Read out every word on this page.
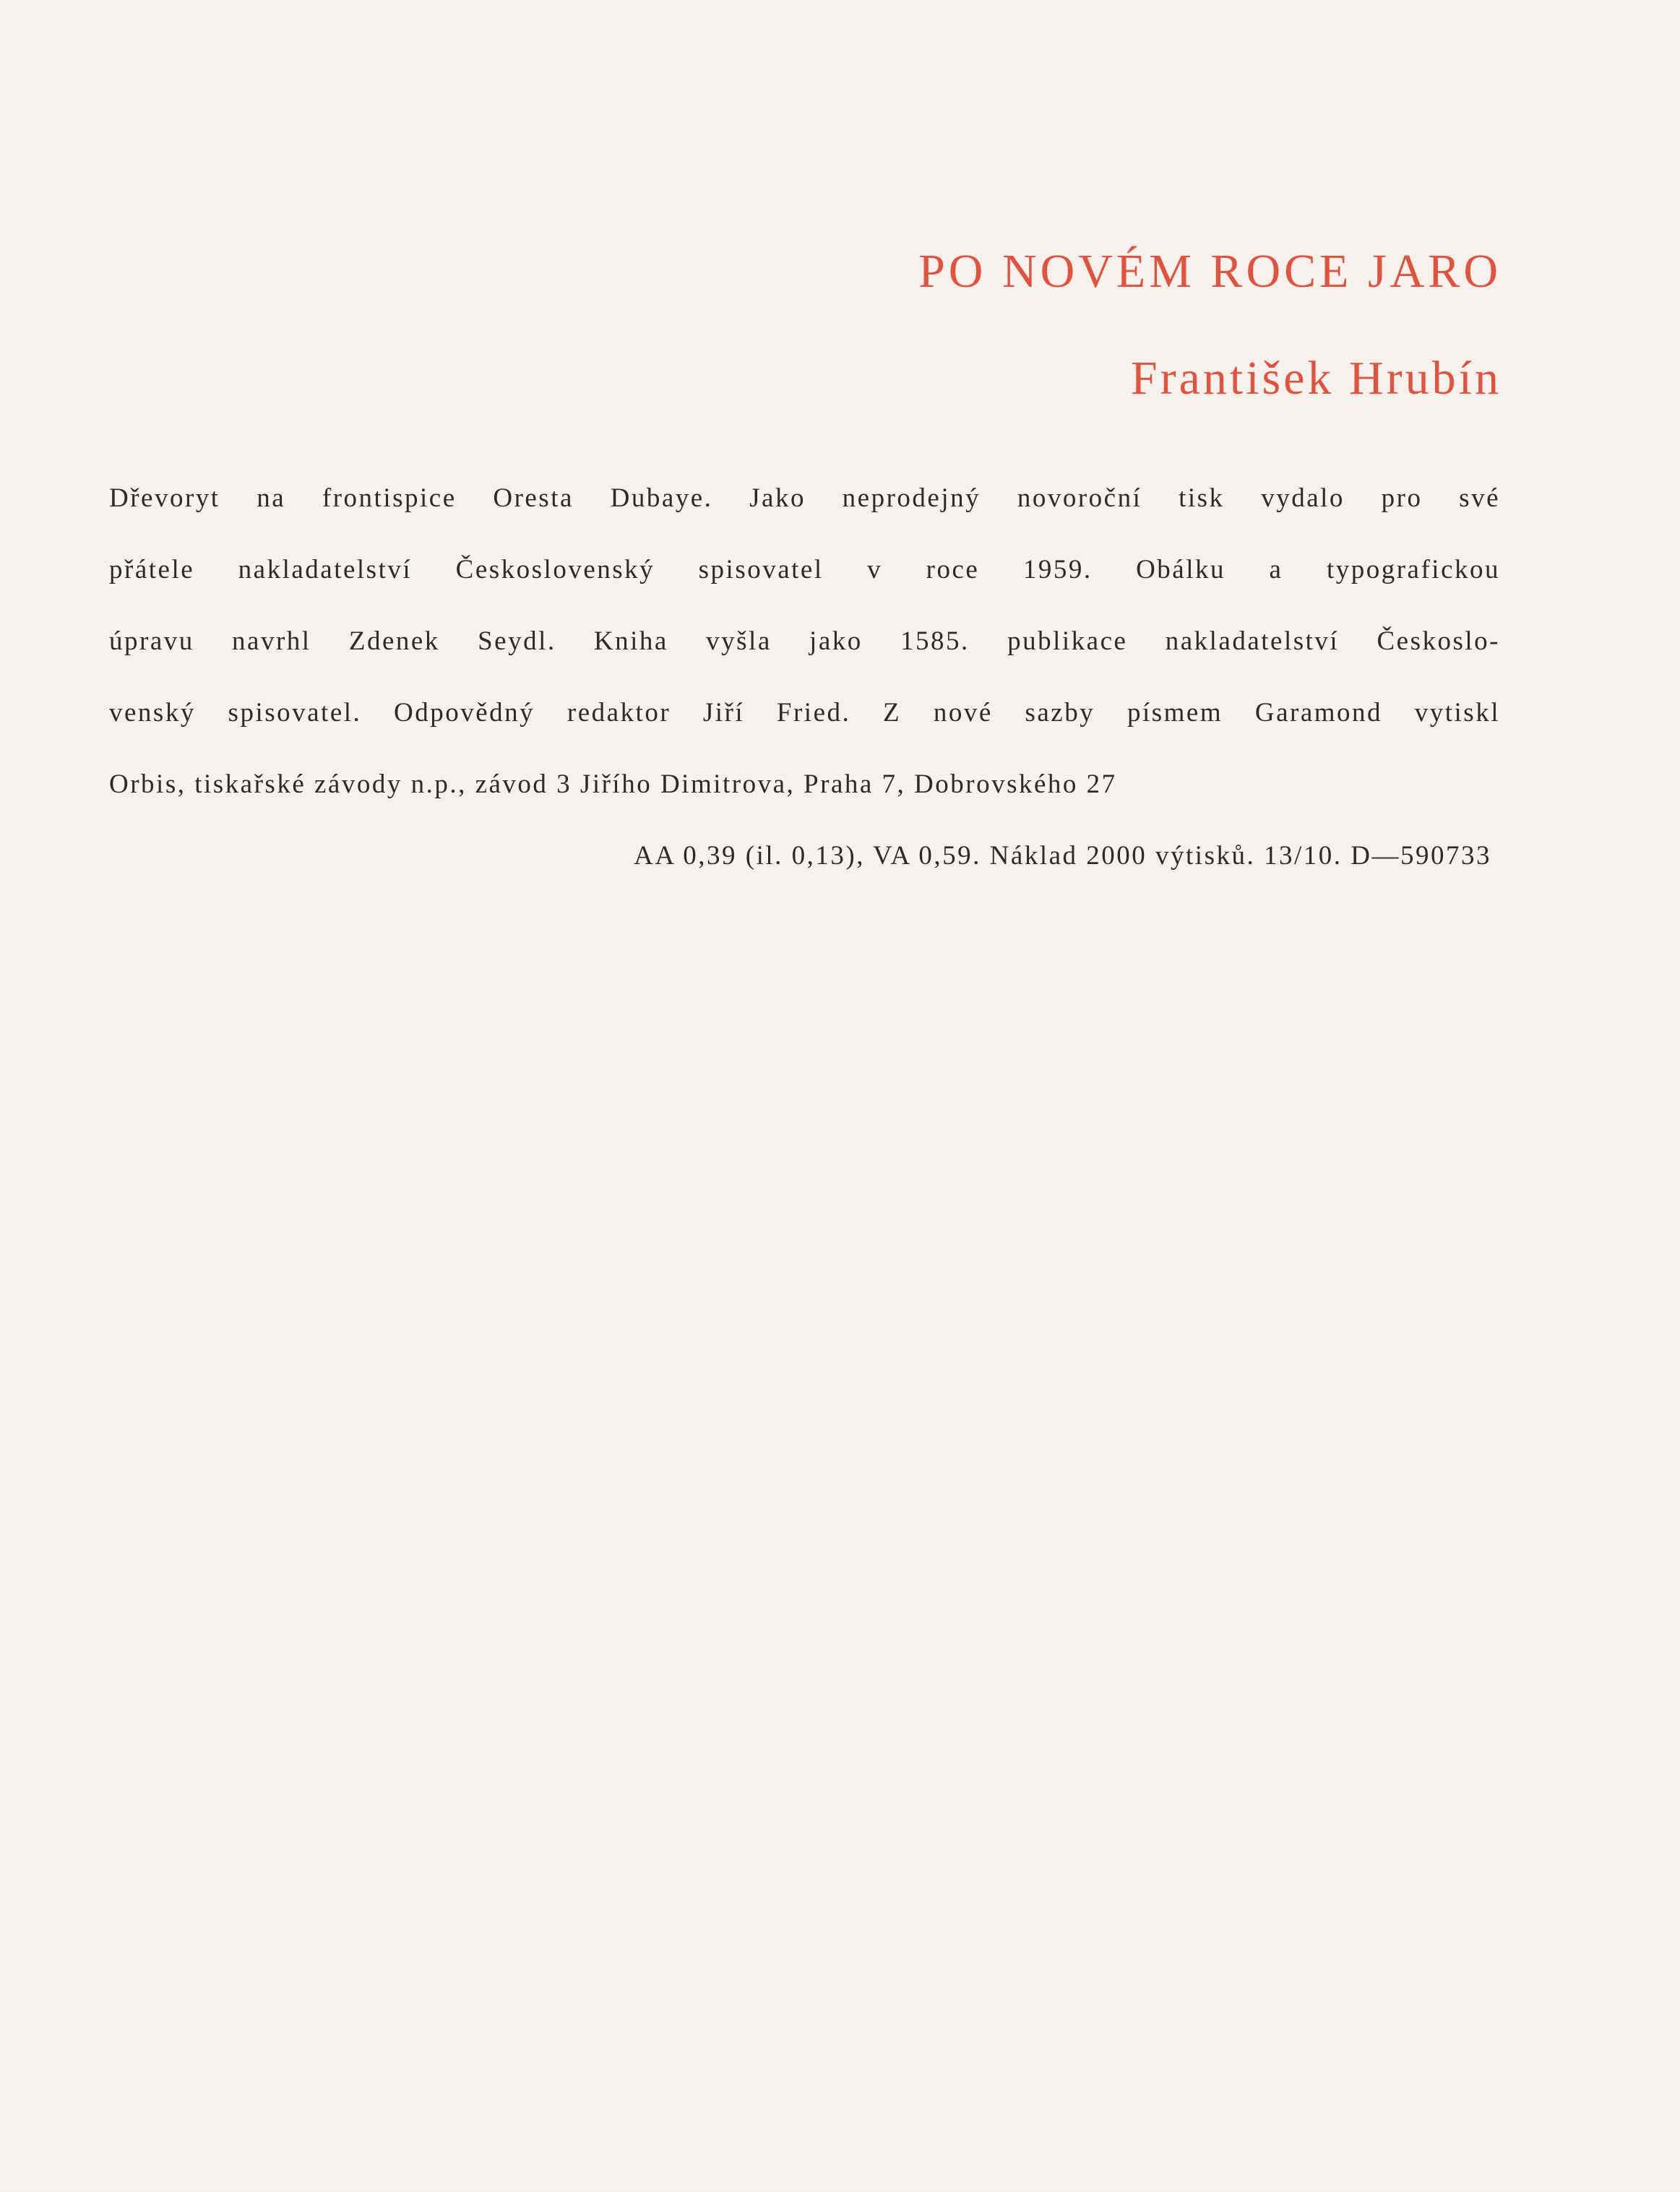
PO NOVÉM ROCE JARO
František Hrubín
Dřevoryt na frontispice Oresta Dubaye. Jako neprodejný novoroční tisk vydalo pro své
přátele nakladatelství Československý spisovatel v roce 1959. Obálku a typografickou
úpravu navrhl Zdenek Seydl. Kniha vyšla jako 1585. publikace nakladatelství Českoslo-
venský spisovatel. Odpovědný redaktor Jiří Fried. Z nové sazby písmem Garamond vytiskl
Orbis, tiskařské závody n.p., závod 3 Jiřího Dimitrova, Praha 7, Dobrovského 27
AA 0,39 (il. 0,13), VA 0,59. Náklad 2000 výtisků. 13/10. D—590733
